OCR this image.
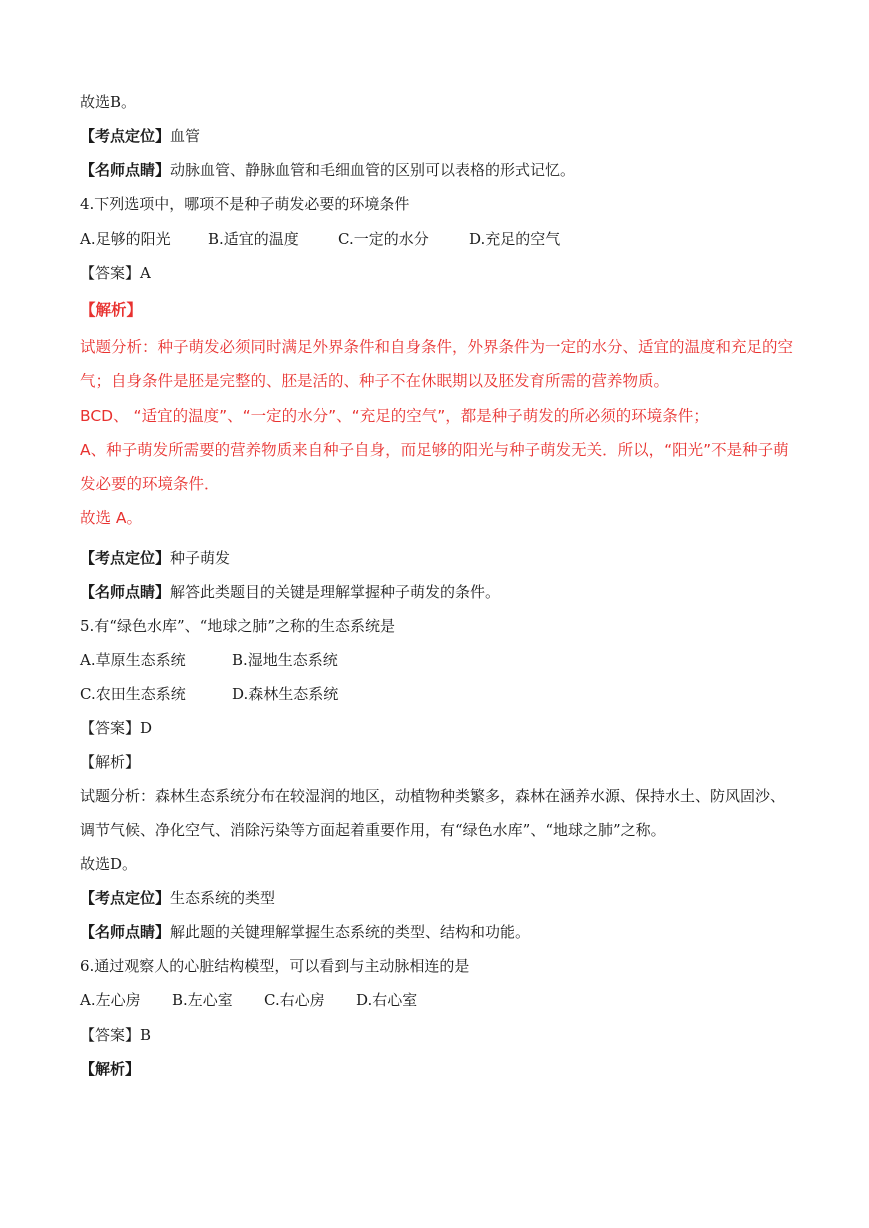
故选B。
【考点定位】血管
【名师点睛】动脉血管、静脉血管和毛细血管的区别可以表格的形式记忆。
4.下列选项中，哪项不是种子萌发必要的环境条件
A.足够的阳光 B.适宜的温度	C.一定的水分	D.充足的空气
【答案】A
【解析】
试题分析：种子萌发必须同时满足外界条件和自身条件，外界条件为一定的水分、适宜的温度和充足的空
气；自身条件是胚是完整的、胚是活的、种子不在休眠期以及胚发育所需的营养物质。
BCD、 “适宜的温度”、“一定的水分”、“充足的空气”，都是种子萌发的所必须的环境条件；
A、种子萌发所需要的营养物质来自种子自身，而足够的阳光与种子萌发无关．所以，“阳光”不是种子萌
发必要的环境条件．
故选 A。
【考点定位】种子萌发
【名师点睛】解答此类题目的关键是理解掌握种子萌发的条件。
5.有“绿色水库”、“地球之肺”之称的生态系统是
A.草原生态系统	B.湿地生态系统
C.农田生态系统	D.森林生态系统
【答案】D
【解析】
试题分析：森林生态系统分布在较湿润的地区，动植物种类繁多，森林在涵养水源、保持水土、防风固沙、
调节气候、净化空气、消除污染等方面起着重要作用，有“绿色水库”、“地球之肺”之称。
故选D。
【考点定位】生态系统的类型
【名师点睛】解此题的关键理解掌握生态系统的类型、结构和功能。
6.通过观察人的心脏结构模型，可以看到与主动脉相连的是
A.左心房 B.左心室 C.右心房 D.右心室
【答案】B
【解析】
